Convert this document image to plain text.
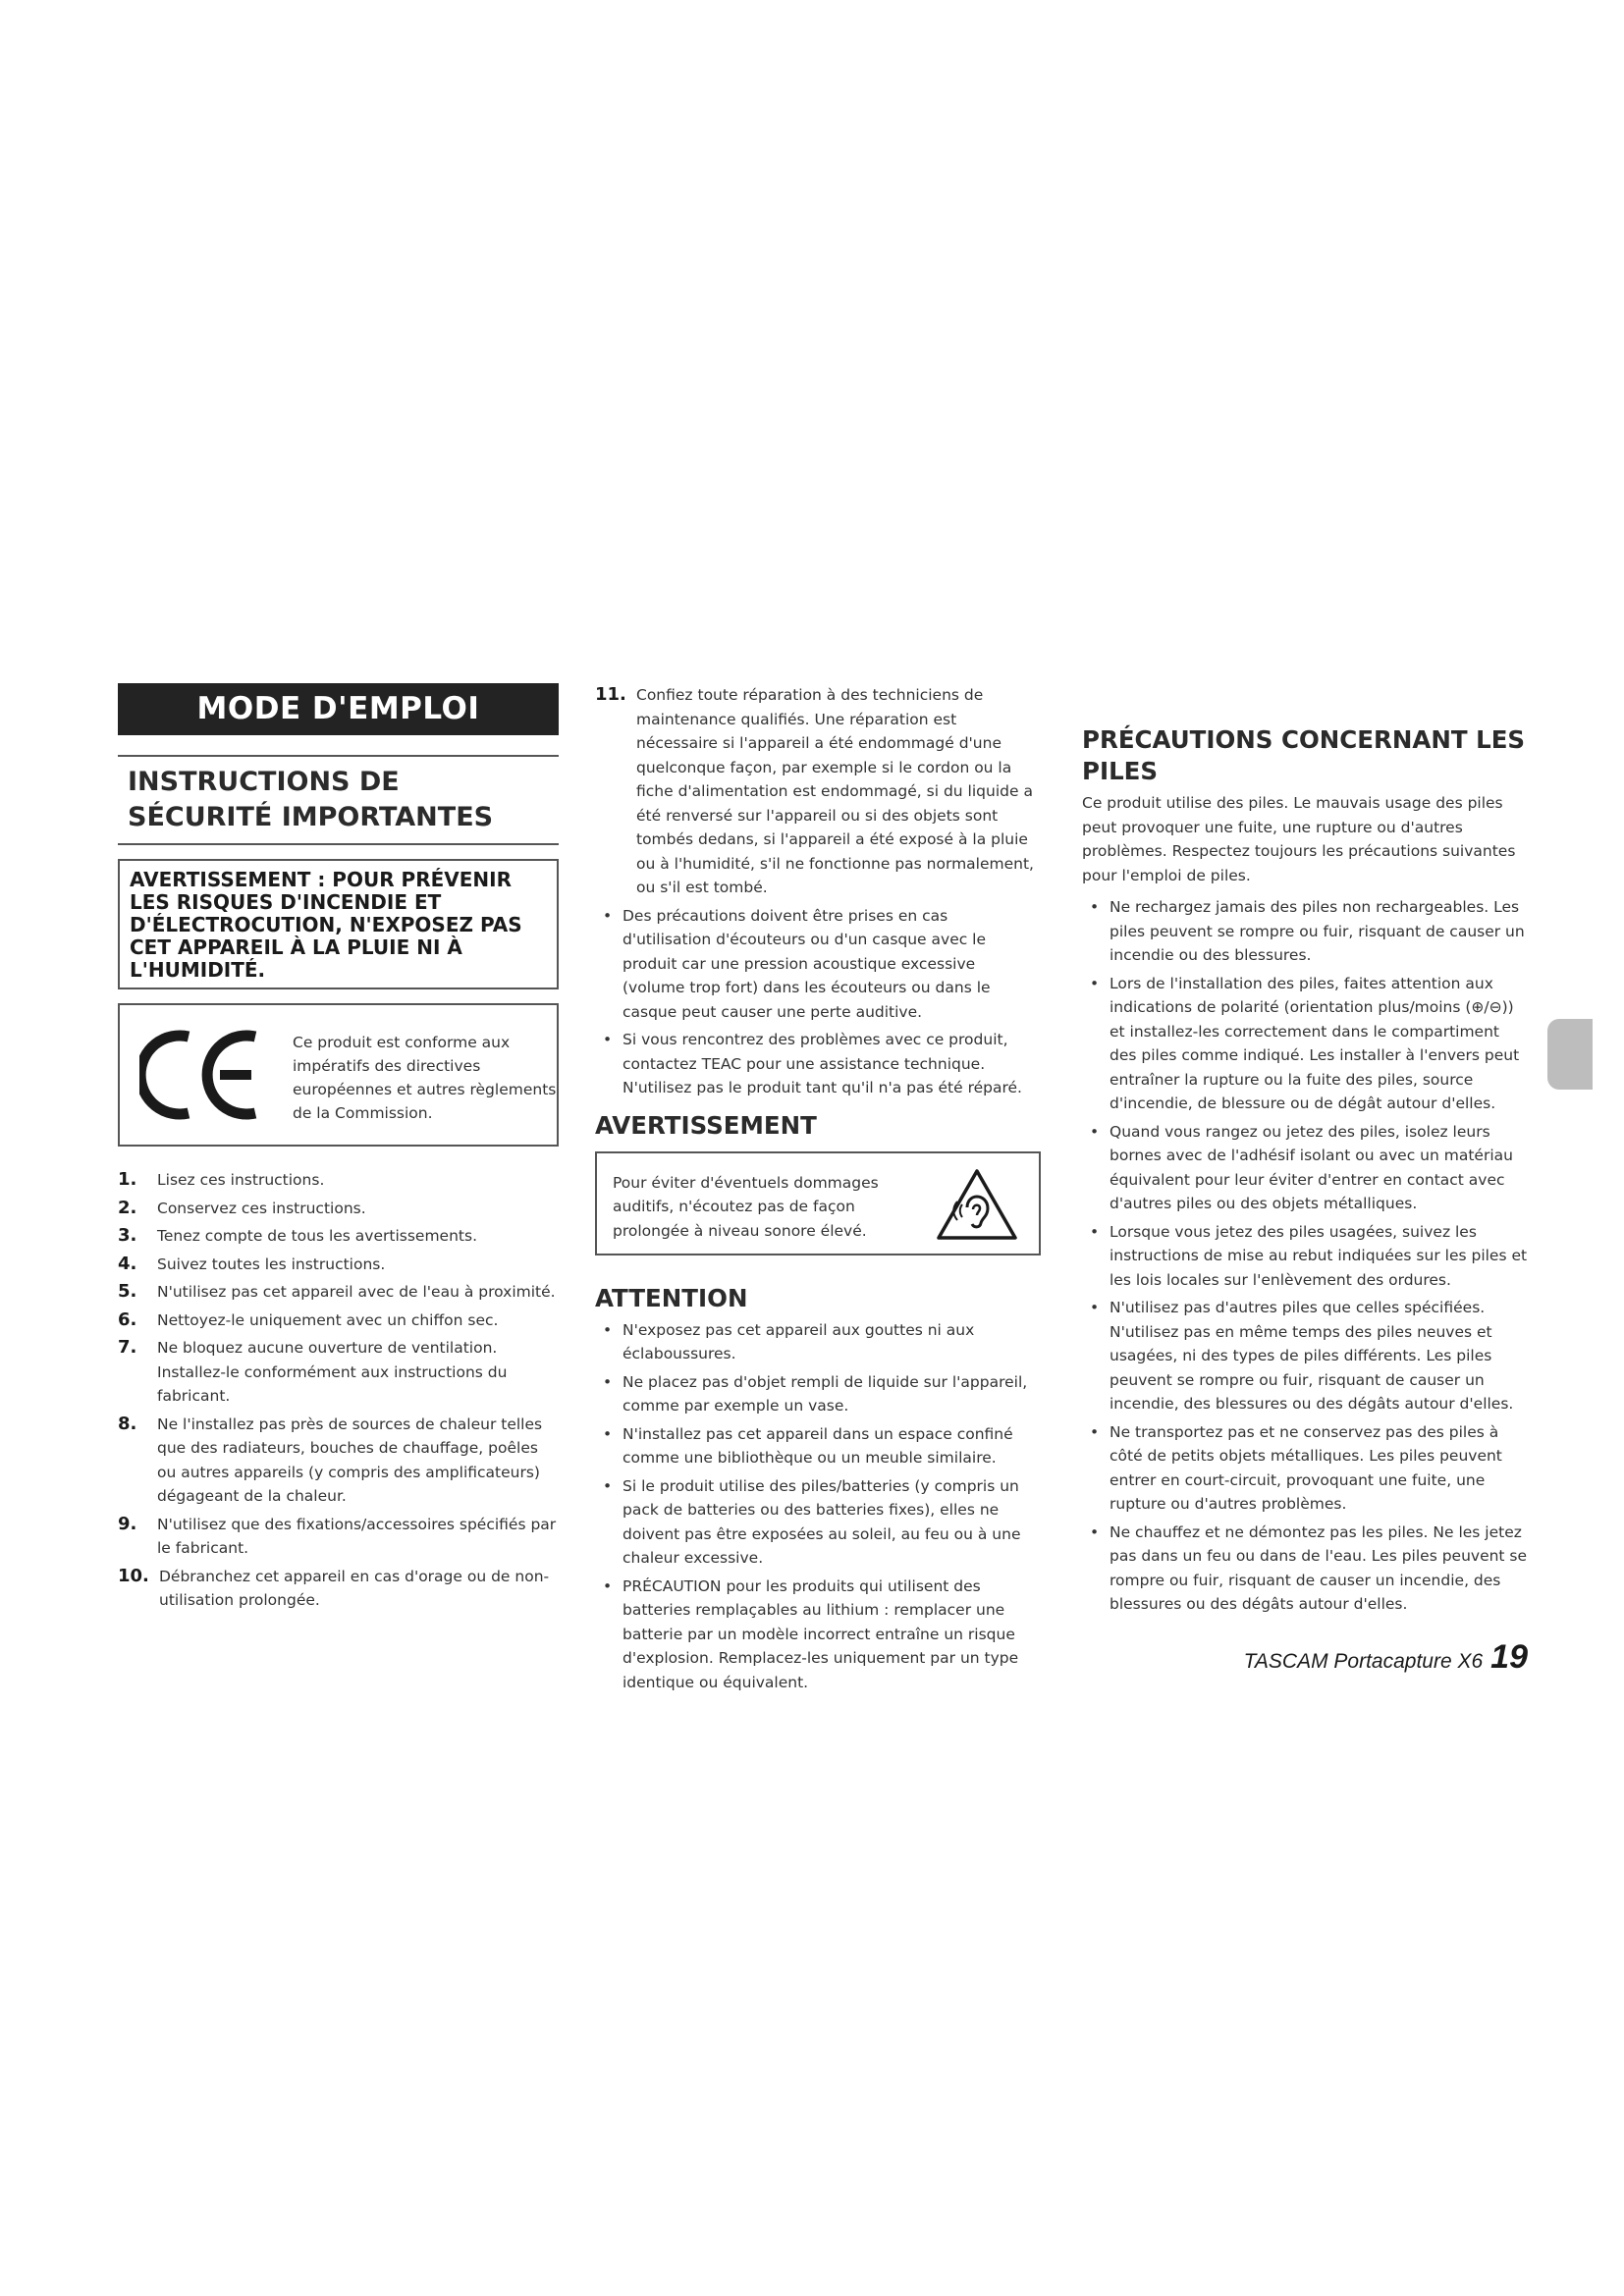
MODE D'EMPLOI
INSTRUCTIONS DE SÉCURITÉ IMPORTANTES
AVERTISSEMENT : POUR PRÉVENIR LES RISQUES D'INCENDIE ET D'ÉLECTROCUTION, N'EXPOSEZ PAS CET APPAREIL À LA PLUIE NI À L'HUMIDITÉ.
Ce produit est conforme aux impératifs des directives européennes et autres règlements de la Commission.
1. Lisez ces instructions.
2. Conservez ces instructions.
3. Tenez compte de tous les avertissements.
4. Suivez toutes les instructions.
5. N'utilisez pas cet appareil avec de l'eau à proximité.
6. Nettoyez-le uniquement avec un chiffon sec.
7. Ne bloquez aucune ouverture de ventilation. Installez-le conformément aux instructions du fabricant.
8. Ne l'installez pas près de sources de chaleur telles que des radiateurs, bouches de chauffage, poêles ou autres appareils (y compris des amplificateurs) dégageant de la chaleur.
9. N'utilisez que des fixations/accessoires spécifiés par le fabricant.
10. Débranchez cet appareil en cas d'orage ou de non-utilisation prolongée.
11. Confiez toute réparation à des techniciens de maintenance qualifiés. Une réparation est nécessaire si l'appareil a été endommagé d'une quelconque façon, par exemple si le cordon ou la fiche d'alimentation est endommagé, si du liquide a été renversé sur l'appareil ou si des objets sont tombés dedans, si l'appareil a été exposé à la pluie ou à l'humidité, s'il ne fonctionne pas normalement, ou s'il est tombé.
• Des précautions doivent être prises en cas d'utilisation d'écouteurs ou d'un casque avec le produit car une pression acoustique excessive (volume trop fort) dans les écouteurs ou dans le casque peut causer une perte auditive.
• Si vous rencontrez des problèmes avec ce produit, contactez TEAC pour une assistance technique. N'utilisez pas le produit tant qu'il n'a pas été réparé.
AVERTISSEMENT
Pour éviter d'éventuels dommages auditifs, n'écoutez pas de façon prolongée à niveau sonore élevé.
ATTENTION
• N'exposez pas cet appareil aux gouttes ni aux éclaboussures.
• Ne placez pas d'objet rempli de liquide sur l'appareil, comme par exemple un vase.
• N'installez pas cet appareil dans un espace confiné comme une bibliothèque ou un meuble similaire.
• Si le produit utilise des piles/batteries (y compris un pack de batteries ou des batteries fixes), elles ne doivent pas être exposées au soleil, au feu ou à une chaleur excessive.
• PRÉCAUTION pour les produits qui utilisent des batteries remplaçables au lithium : remplacer une batterie par un modèle incorrect entraîne un risque d'explosion. Remplacez-les uniquement par un type identique ou équivalent.
PRÉCAUTIONS CONCERNANT LES PILES
Ce produit utilise des piles. Le mauvais usage des piles peut provoquer une fuite, une rupture ou d'autres problèmes. Respectez toujours les précautions suivantes pour l'emploi de piles.
• Ne rechargez jamais des piles non rechargeables. Les piles peuvent se rompre ou fuir, risquant de causer un incendie ou des blessures.
• Lors de l'installation des piles, faites attention aux indications de polarité (orientation plus/moins (⊕/⊖)) et installez-les correctement dans le compartiment des piles comme indiqué. Les installer à l'envers peut entraîner la rupture ou la fuite des piles, source d'incendie, de blessure ou de dégât autour d'elles.
• Quand vous rangez ou jetez des piles, isolez leurs bornes avec de l'adhésif isolant ou avec un matériau équivalent pour leur éviter d'entrer en contact avec d'autres piles ou des objets métalliques.
• Lorsque vous jetez des piles usagées, suivez les instructions de mise au rebut indiquées sur les piles et les lois locales sur l'enlèvement des ordures.
• N'utilisez pas d'autres piles que celles spécifiées. N'utilisez pas en même temps des piles neuves et usagées, ni des types de piles différents. Les piles peuvent se rompre ou fuir, risquant de causer un incendie, des blessures ou des dégâts autour d'elles.
• Ne transportez pas et ne conservez pas des piles à côté de petits objets métalliques. Les piles peuvent entrer en court-circuit, provoquant une fuite, une rupture ou d'autres problèmes.
• Ne chauffez et ne démontez pas les piles. Ne les jetez pas dans un feu ou dans de l'eau. Les piles peuvent se rompre ou fuir, risquant de causer un incendie, des blessures ou des dégâts autour d'elles.
TASCAM Portacapture X6 19
